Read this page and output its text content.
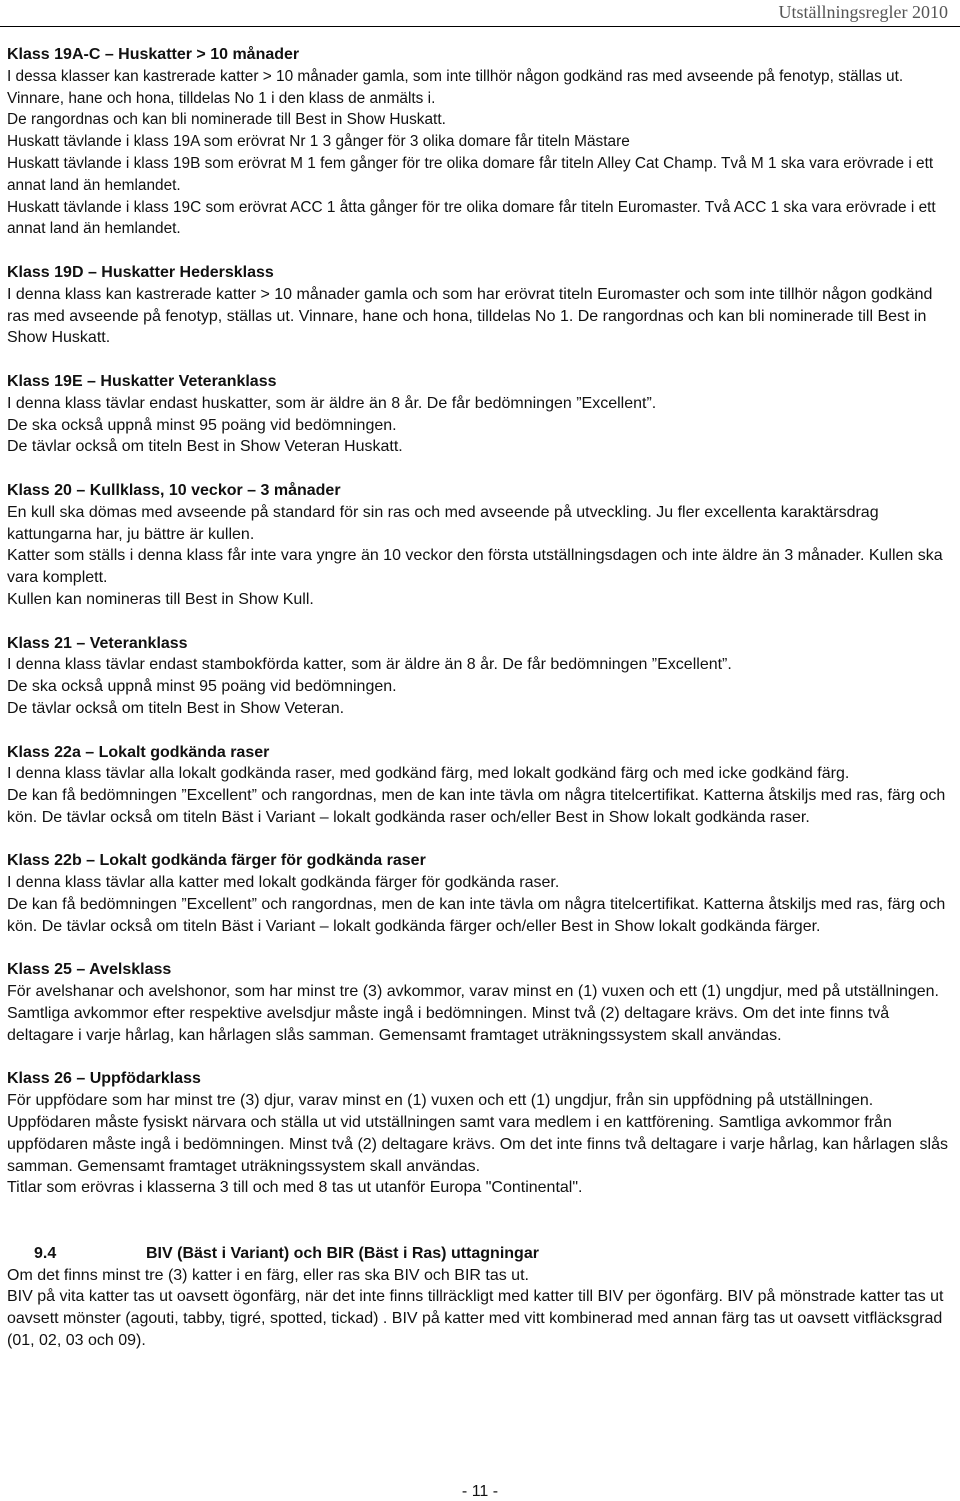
Utställningsregler 2010
Klass 19A-C – Huskatter > 10 månader

I dessa klasser kan kastrerade katter > 10 månader gamla, som inte tillhör någon godkänd ras med avseende på fenotyp, ställas ut. Vinnare, hane och hona, tilldelas No 1 i den klass de anmälts i.

De rangordnas och kan bli nominerade till Best in Show Huskatt.

Huskatt tävlande i klass 19A som erövrat Nr 1 3 gånger för 3 olika domare får titeln Mästare

Huskatt tävlande i klass 19B som erövrat M 1 fem gånger för tre olika domare får titeln Alley Cat Champ. Två M 1 ska vara erövrade i ett annat land än hemlandet.

Huskatt tävlande i klass 19C som erövrat ACC 1 åtta gånger för tre olika domare får titeln Euromaster. Två ACC 1 ska vara erövrade i ett annat land än hemlandet.

Klass 19D – Huskatter Hedersklass

I denna klass kan kastrerade katter > 10 månader gamla och som har erövrat titeln Euromaster och som inte tillhör någon godkänd ras med avseende på fenotyp, ställas ut. Vinnare, hane och hona, tilldelas No 1. De rangordnas och kan bli nominerade till Best in Show Huskatt.

Klass 19E – Huskatter Veteranklass

I denna klass tävlar endast huskatter, som är äldre än 8 år. De får bedömningen ”Excellent”.

De ska också uppnå minst 95 poäng vid bedömningen.

De tävlar också om titeln Best in Show Veteran Huskatt.

Klass 20 – Kullklass, 10 veckor – 3 månader

En kull ska dömas med avseende på standard för sin ras och med avseende på utveckling. Ju fler excellenta karaktärsdrag kattungarna har, ju bättre är kullen.

Katter som ställs i denna klass får inte vara yngre än 10 veckor den första utställningsdagen och inte äldre än 3 månader. Kullen ska vara komplett.

Kullen kan nomineras till Best in Show Kull.

Klass 21 – Veteranklass

I denna klass tävlar endast stambokförda katter, som är äldre än 8 år. De får bedömningen ”Excellent”.

De ska också uppnå minst 95 poäng vid bedömningen.

De tävlar också om titeln Best in Show Veteran.

Klass 22a – Lokalt godkända raser

I denna klass tävlar alla lokalt godkända raser, med godkänd färg, med lokalt godkänd färg och med icke godkänd färg.

De kan få bedömningen ”Excellent” och rangordnas, men de kan inte tävla om några titelcertifikat. Katterna åtskiljs med ras, färg och kön. De tävlar också om titeln Bäst i Variant – lokalt godkända raser och/eller Best in Show lokalt godkända raser.

Klass 22b – Lokalt godkända färger för godkända raser

I denna klass tävlar alla katter med lokalt godkända färger för godkända raser.

De kan få bedömningen ”Excellent” och rangordnas, men de kan inte tävla om några titelcertifikat. Katterna åtskiljs med ras, färg och kön. De tävlar också om titeln Bäst i Variant – lokalt godkända färger och/eller Best in Show lokalt godkända färger.

Klass 25 – Avelsklass

För avelshanar och avelshonor, som har minst tre (3) avkommor, varav minst en (1) vuxen och ett (1) ungdjur, med på utställningen. Samtliga avkommor efter respektive avelsdjur måste ingå i bedömningen. Minst två (2) deltagare krävs. Om det inte finns två deltagare i varje hårlag, kan hårlagen slås samman. Gemensamt framtaget uträkningssystem skall användas.

Klass 26 – Uppfödarklass

För uppfödare som har minst tre (3) djur, varav minst en (1) vuxen och ett (1) ungdjur, från sin uppfödning på utställningen. Uppfödaren måste fysiskt närvara och ställa ut vid utställningen samt vara medlem i en kattförening. Samtliga avkommor från uppfödaren måste ingå i bedömningen. Minst två (2) deltagare krävs. Om det inte finns två deltagare i varje hårlag, kan hårlagen slås samman. Gemensamt framtaget uträkningssystem skall användas.

Titlar som erövras i klasserna 3 till och med 8 tas ut utanför Europa "Continental".

9.4	BIV (Bäst i Variant) och BIR (Bäst i Ras) uttagningar

Om det finns minst tre (3) katter i en färg, eller ras ska BIV och BIR tas ut.

BIV på vita katter tas ut oavsett ögonfärg, när det inte finns tillräckligt med katter till BIV per ögonfärg. BIV på mönstrade katter tas ut oavsett mönster (agouti, tabby, tigré, spotted, tickad) . BIV på katter med vitt kombinerad med annan färg tas ut oavsett vitfläcksgrad (01, 02, 03 och 09).

- 11 -
